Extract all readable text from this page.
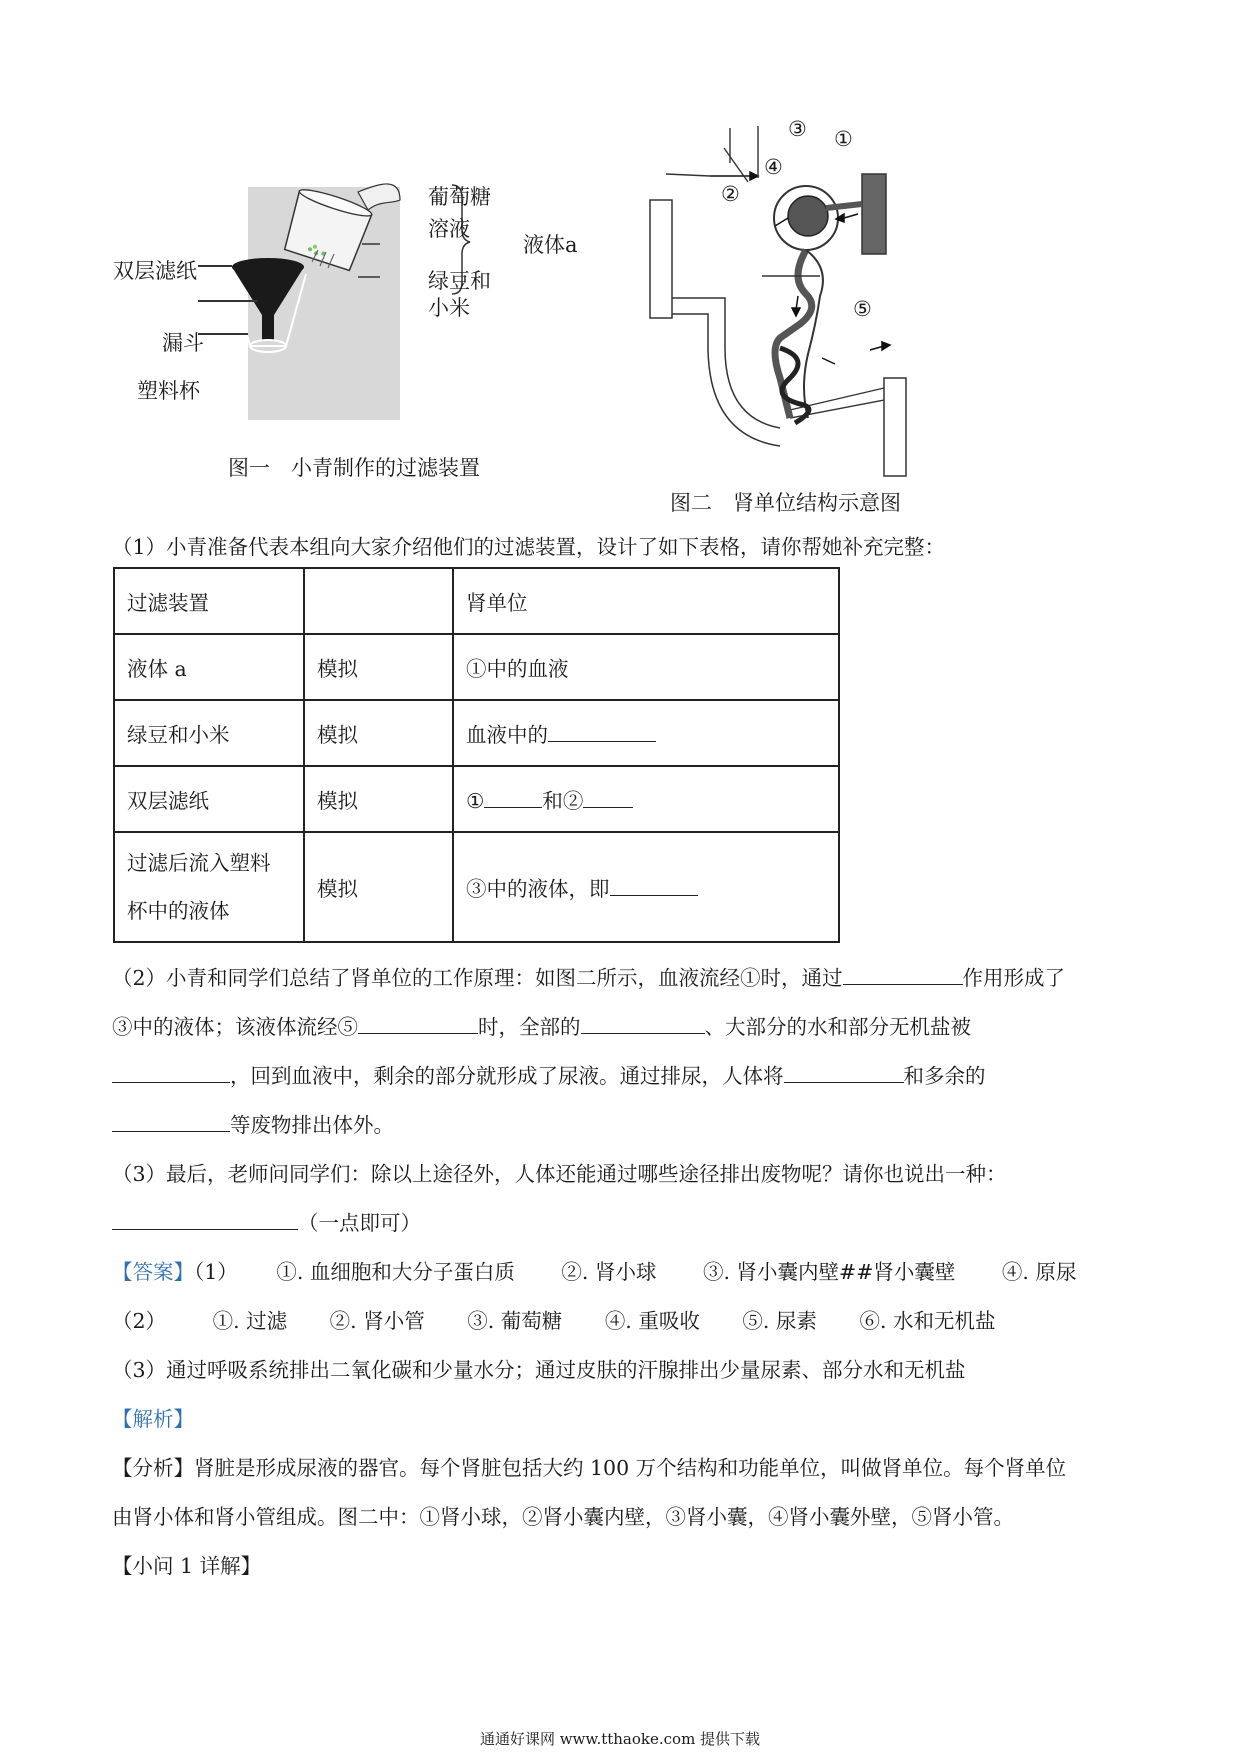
葡萄糖
溶液
液体a
绿豆和
小米
双层滤纸
漏斗
塑料杯
图一　小青制作的过滤装置
③ ①
④
②
⑤
图二　肾单位结构示意图
（1）小青准备代表本组向大家介绍他们的过滤装置，设计了如下表格，请你帮她补充完整：
过滤装置		肾单位
液体 a	模拟	①中的血液
绿豆和小米	模拟	血液中的
双层滤纸	模拟	① 和②
过滤后流入塑料
杯中的液体	模拟	③中的液体，即
（2）小青和同学们总结了肾单位的工作原理：如图二所示，血液流经①时，通过	作用形成了
③中的液体；该液体流经⑤	时，全部的	、大部分的水和部分无机盐被
，回到血液中，剩余的部分就形成了尿液。通过排尿，人体将	和多余的
等废物排出体外。
（3）最后，老师问同学们：除以上途径外，人体还能通过哪些途径排出废物呢？请你也说出一种：
（一点即可）
【答案】（1） ①. 血细胞和大分子蛋白质 ②. 肾小球 ③. 肾小囊内壁##肾小囊壁 ④. 原尿
（2） ①. 过滤 ②. 肾小管 ③. 葡萄糖 ④. 重吸收 ⑤. 尿素 ⑥. 水和无机盐
（3）通过呼吸系统排出二氧化碳和少量水分；通过皮肤的汗腺排出少量尿素、部分水和无机盐
【解析】
【分析】肾脏是形成尿液的器官。每个肾脏包括大约 100 万个结构和功能单位，叫做肾单位。每个肾单位
由肾小体和肾小管组成。图二中：①肾小球，②肾小囊内壁，③肾小囊，④肾小囊外壁，⑤肾小管。
【小问 1 详解】
通通好课网 www.tthaoke.com 提供下载
